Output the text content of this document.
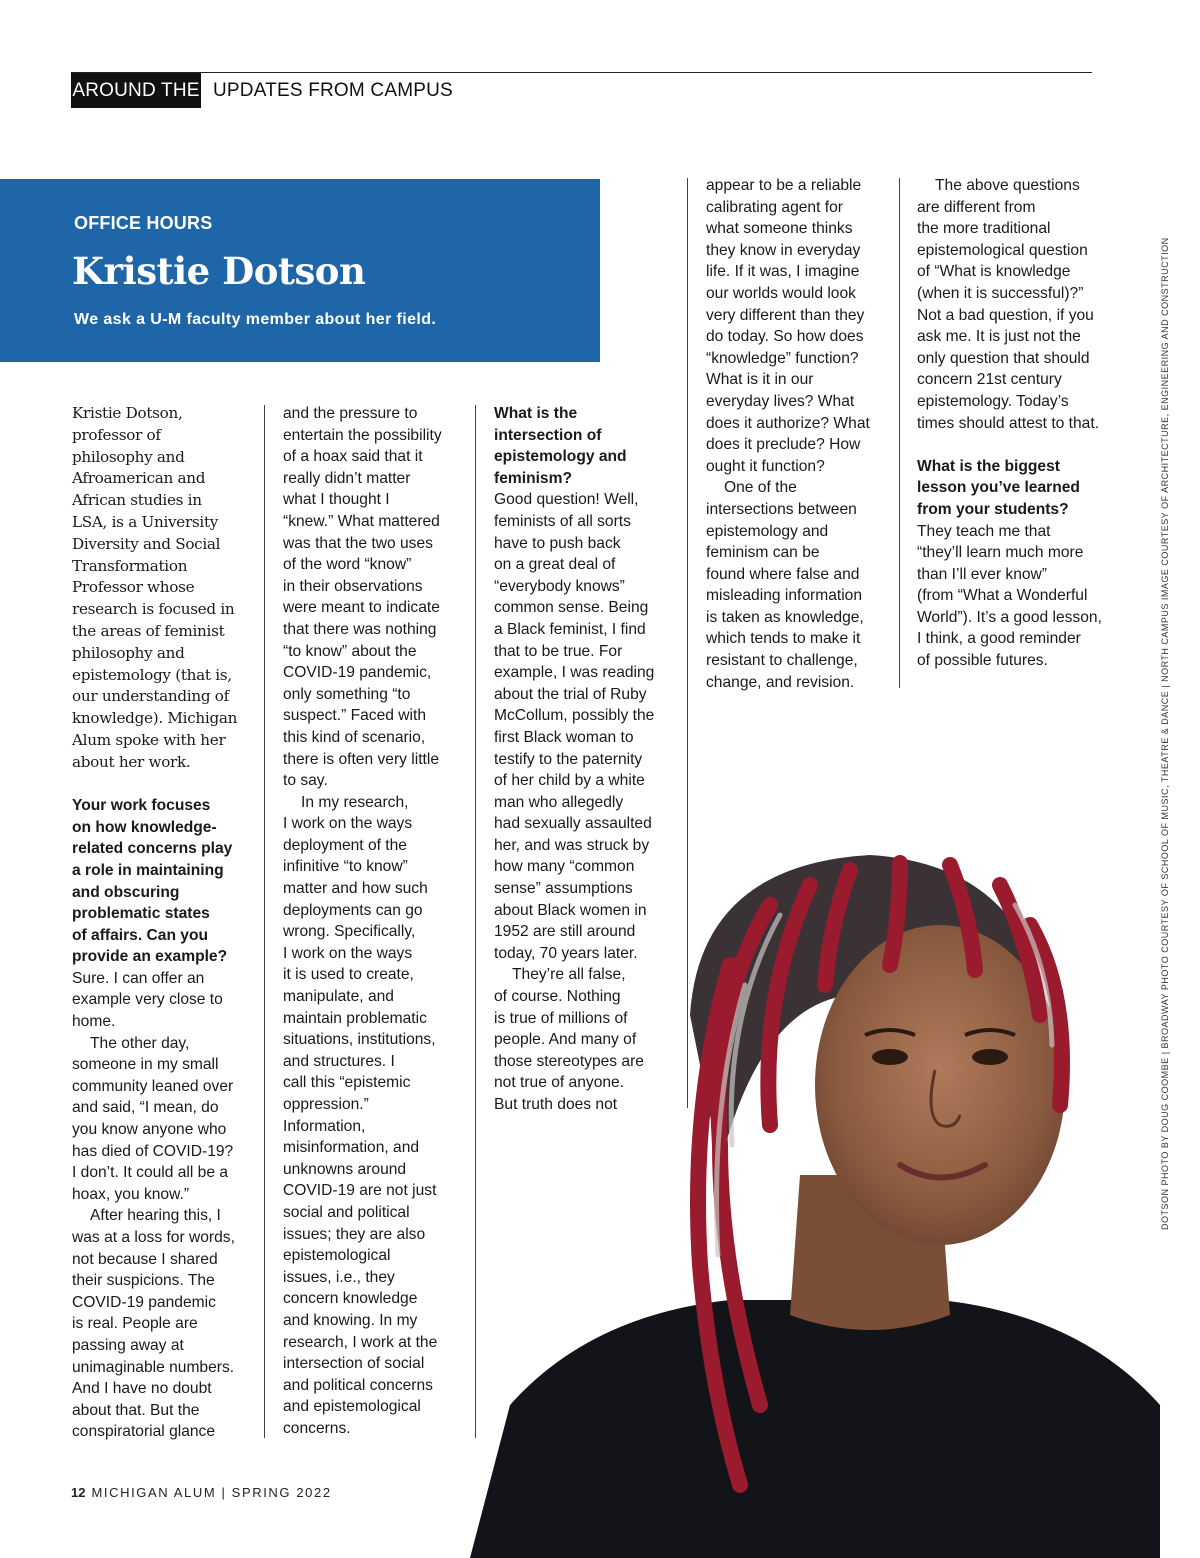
AROUND THE U
UPDATES FROM CAMPUS
OFFICE HOURS
Kristie Dotson
We ask a U-M faculty member about her field.

Kristie Dotson,
professor of
philosophy and
Afroamerican and
African studies in
LSA, is a University
Diversity and Social
Transformation
Professor whose
research is focused in
the areas of feminist
philosophy and
epistemology (that is,
our understanding of
knowledge). Michigan
Alum spoke with her
about her work.

Your work focuses
on how knowledge-
related concerns play
a role in maintaining
and obscuring
problematic states
of affairs. Can you
provide an example?

Sure. I can offer an
example very close to
home.

The other day,
someone in my small
community leaned over
and said, “I mean, do
you know anyone who
has died of COVID-19?
I don’t. It could all be a
hoax, you know.”

After hearing this, I
was at a loss for words,
not because I shared
their suspicions. The
COVID-19 pandemic
is real. People are
passing away at
unimaginable numbers.
And I have no doubt
about that. But the
conspiratorial glance

and the pressure to
entertain the possibility
of a hoax said that it
really didn’t matter
what I thought I
“knew.” What mattered
was that the two uses
of the word “know”
in their observations
were meant to indicate
that there was nothing
“to know” about the
COVID-19 pandemic,
only something “to
suspect.” Faced with
this kind of scenario,
there is often very little
to say.

In my research,
I work on the ways
deployment of the
infinitive “to know”
matter and how such
deployments can go
wrong. Specifically,
I work on the ways
it is used to create,
manipulate, and
maintain problematic
situations, institutions,
and structures. I
call this “epistemic
oppression.”
Information,
misinformation, and
unknowns around
COVID-19 are not just
social and political
issues; they are also
epistemological
issues, i.e., they
concern knowledge
and knowing. In my
research, I work at the
intersection of social
and political concerns
and epistemological
concerns.

What is the
intersection of
epistemology and
feminism?

Good question! Well,
feminists of all sorts
have to push back
on a great deal of
“everybody knows”
common sense. Being
a Black feminist, I find
that to be true. For
example, I was reading
about the trial of Ruby
McCollum, possibly the
first Black woman to
testify to the paternity
of her child by a white
man who allegedly
had sexually assaulted
her, and was struck by
how many “common
sense” assumptions
about Black women in
1952 are still around
today, 70 years later.

They’re all false,
of course. Nothing
is true of millions of
people. And many of
those stereotypes are
not true of anyone.
But truth does not

appear to be a reliable
calibrating agent for
what someone thinks
they know in everyday
life. If it was, I imagine
our worlds would look
very different than they
do today. So how does
“knowledge” function?
What is it in our
everyday lives? What
does it authorize? What
does it preclude? How
ought it function?

One of the
intersections between
epistemology and
feminism can be
found where false and
misleading information
is taken as knowledge,
which tends to make it
resistant to challenge,
change, and revision.

The above questions
are different from
the more traditional
epistemological question
of “What is knowledge
(when it is successful)?”
Not a bad question, if you
ask me. It is just not the
only question that should
concern 21st century
epistemology. Today’s
times should attest to that.

What is the biggest
lesson you’ve learned
from your students?

They teach me that
“they’ll learn much more
than I’ll ever know”
(from “What a Wonderful
World”). It’s a good lesson,
I think, a good reminder
of possible futures.	DOTSON PHOTO BY DOUG COOMBE | BROADWAY PHOTO COURTESY OF SCHOOL OF MUSIC, THEATRE & DANCE | NORTH CAMPUS IMAGE COURTESY OF ARCHITECTURE, ENGINEERING AND CONSTRUCTION
12 MICHIGAN ALUM | SPRING 2022
